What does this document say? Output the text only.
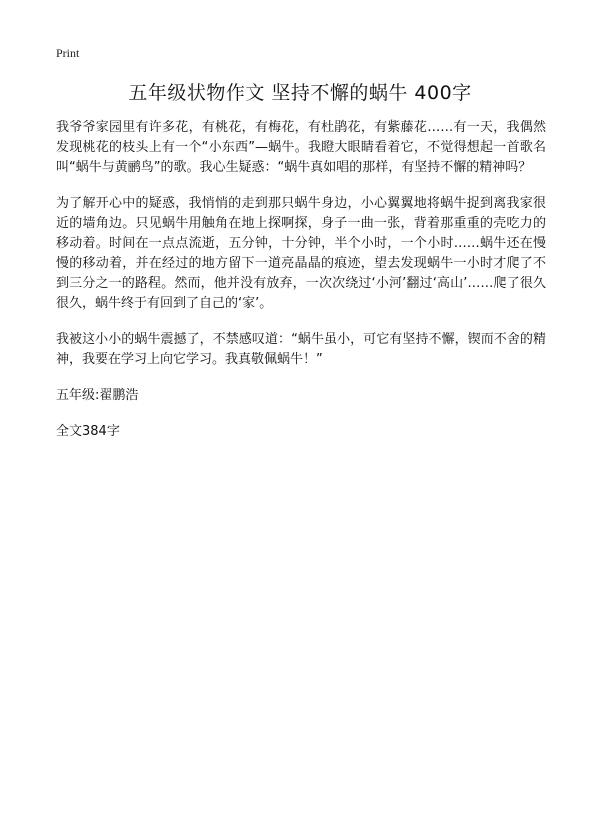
Print
五年级状物作文 坚持不懈的蜗牛 400字

我爷爷家园里有许多花，有桃花，有梅花，有杜鹃花，有紫藤花……有一天，我偶然发现桃花的枝头上有一个“小东西”—蜗牛。我瞪大眼睛看着它，不觉得想起一首歌名叫“蜗牛与黄鹂鸟”的歌。我心生疑惑：“蜗牛真如唱的那样，有坚持不懈的精神吗？

为了解开心中的疑惑，我悄悄的走到那只蜗牛身边，小心翼翼地将蜗牛捉到离我家很近的墙角边。只见蜗牛用触角在地上探啊探，身子一曲一张，背着那重重的壳吃力的移动着。时间在一点点流逝，五分钟，十分钟，半个小时，一个小时……蜗牛还在慢慢的移动着，并在经过的地方留下一道亮晶晶的痕迹，望去发现蜗牛一小时才爬了不到三分之一的路程。然而，他并没有放弃，一次次绕过‘小河’翻过‘高山’……爬了很久很久，蜗牛终于有回到了自己的‘家’。

我被这小小的蜗牛震撼了，不禁感叹道：“蜗牛虽小，可它有坚持不懈，锲而不舍的精神，我要在学习上向它学习。我真敬佩蜗牛！”

五年级:翟鹏浩

全文384字
